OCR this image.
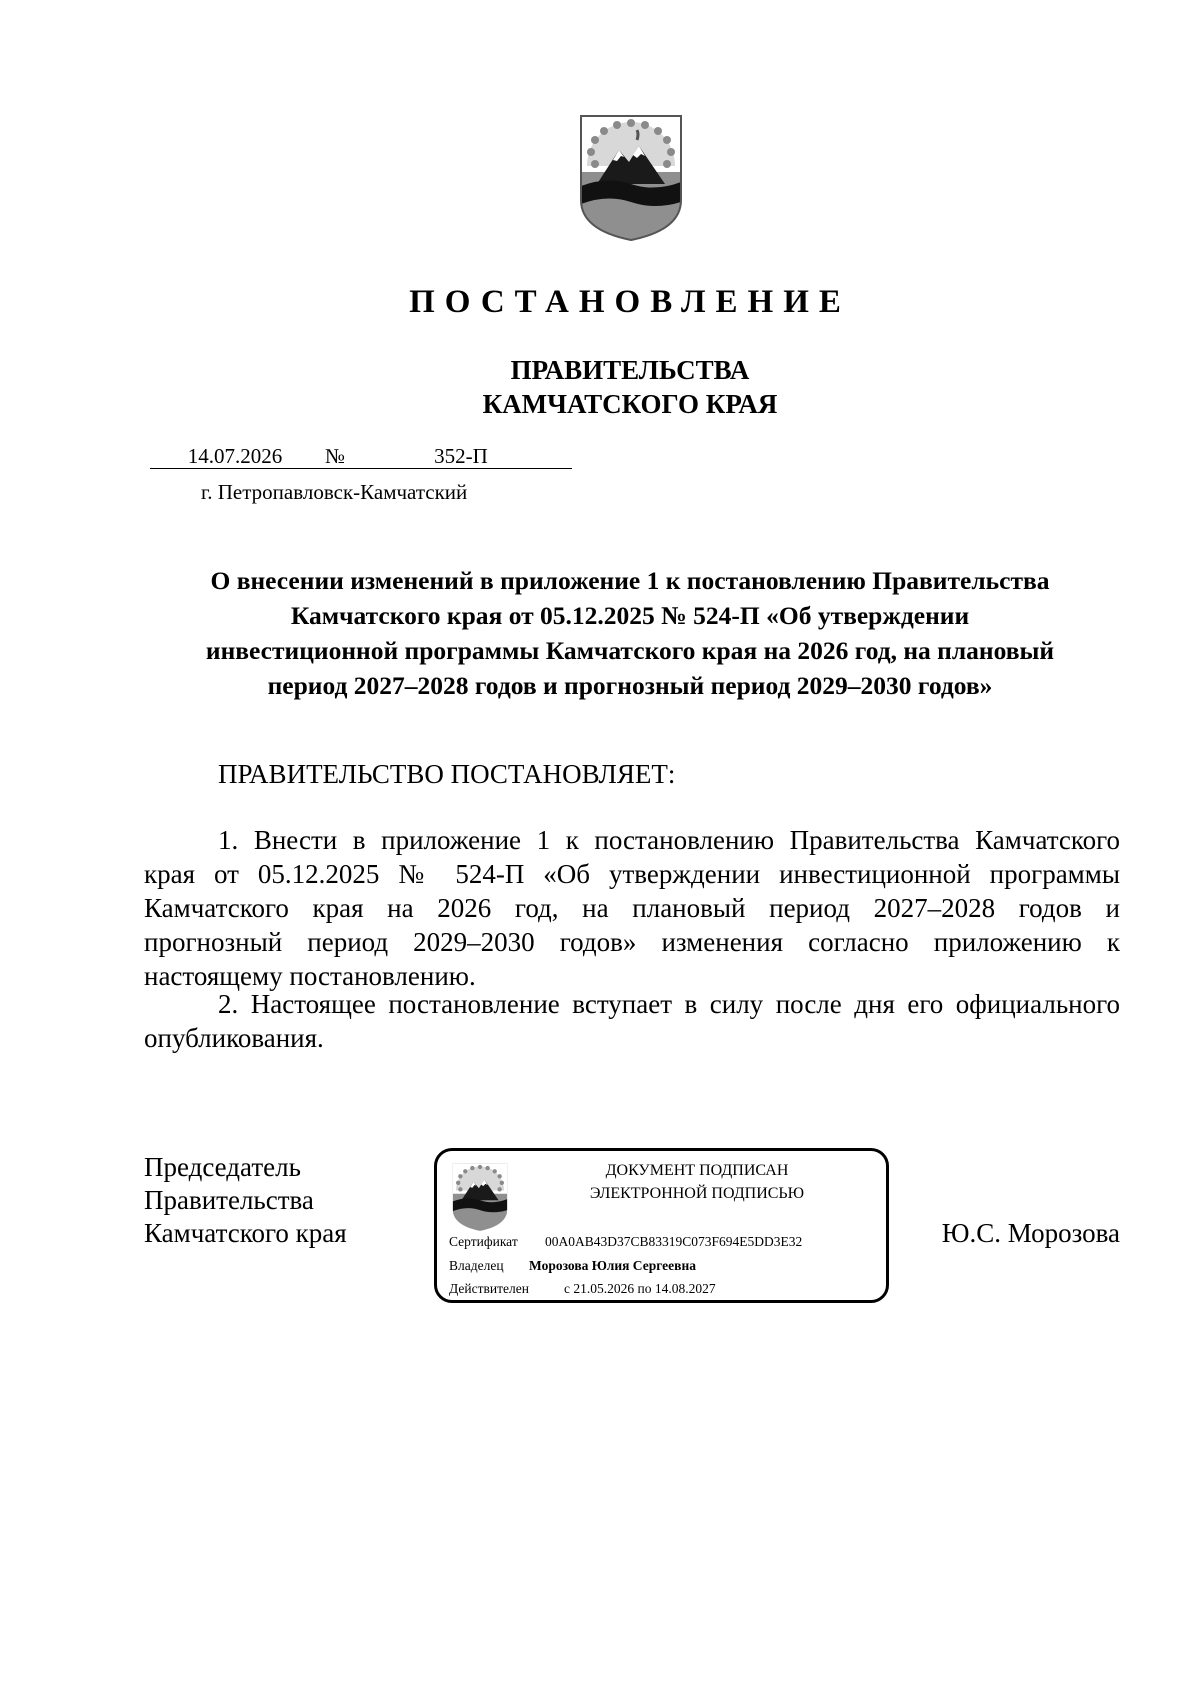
ПОСТАНОВЛЕНИЕ
ПРАВИТЕЛЬСТВА
КАМЧАТСКОГО КРАЯ
14.07.2026	№	352-П
г. Петропавловск-Камчатский
О внесении изменений в приложение 1 к постановлению Правительства
Камчатского края от 05.12.2025 № 524-П «Об утверждении
инвестиционной программы Камчатского края на 2026 год, на плановый
период 2027–2028 годов и прогнозный период 2029–2030 годов»
ПРАВИТЕЛЬСТВО ПОСТАНОВЛЯЕТ:
1. Внести в приложение 1 к постановлению Правительства Камчатского
края от 05.12.2025 № 524-П «Об утверждении инвестиционной программы
Камчатского края на 2026 год, на плановый период 2027–2028 годов и
прогнозный период 2029–2030 годов» изменения согласно приложению к
настоящему постановлению.
2. Настоящее постановление вступает в силу после дня его официального
опубликования.
Председатель
Правительства
Камчатского края
ДОКУМЕНТ ПОДПИСАН
ЭЛЕКТРОННОЙ ПОДПИСЬЮ
Сертификат 00A0AB43D37CB83319C073F694E5DD3E32
Владелец Морозова Юлия Сергеевна
Действителен	с 21.05.2026 по 14.08.2027
Ю.С. Морозова
